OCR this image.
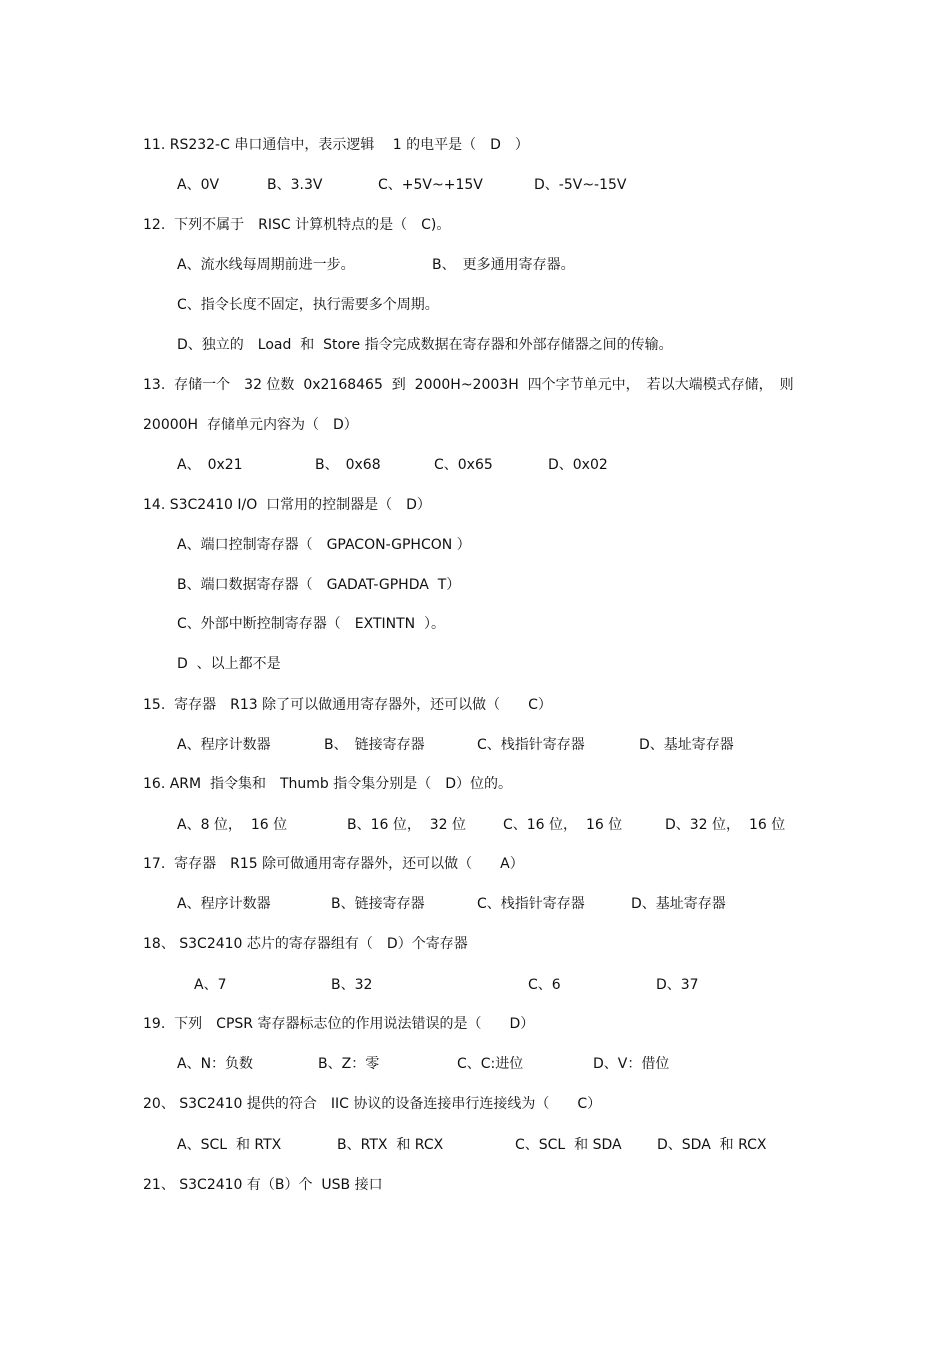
11. RS232-C 串口通信中，表示逻辑　 1 的电平是（　D　）
A、0V	B、3.3V	C、+5V~+15V	D、-5V~-15V
12.  下列不属于　RISC 计算机特点的是（　C)。
A、流水线每周期前进一步。	B、　更多通用寄存器。
C、指令长度不固定，执行需要多个周期。
D、独立的　Load  和  Store 指令完成数据在寄存器和外部存储器之间的传输。
13.  存储一个　32 位数  0x2168465  到  2000H~2003H  四个字节单元中，　若以大端模式存储，　则
20000H  存储单元内容为（　D）
A、　0x21	B、　0x68	C、0x65	D、0x02
14. S3C2410 I/O  口常用的控制器是（　D）
A、端口控制寄存器（　GPACON-GPHCON ）
B、端口数据寄存器（　GADAT-GPHDA  T）
C、外部中断控制寄存器（　EXTINTN  ）。
D  、以上都不是
15.  寄存器　R13 除了可以做通用寄存器外，还可以做（　　C）
A、程序计数器	B、　链接寄存器	C、栈指针寄存器	D、基址寄存器
16. ARM  指令集和　Thumb 指令集分别是（　D）位的。
A、8 位，  16 位	B、16 位，  32 位	C、16 位，  16 位	D、32 位，  16 位
17.  寄存器　R15 除可做通用寄存器外，还可以做（　　A）
A、程序计数器	B、链接寄存器	C、栈指针寄存器	D、基址寄存器
18、 S3C2410 芯片的寄存器组有（　D）个寄存器
A、7	B、32	C、6	D、37
19.  下列　CPSR 寄存器标志位的作用说法错误的是（　　D）
A、N：负数	B、Z：零	C、C:进位	D、V：借位
20、 S3C2410 提供的符合　IIC 协议的设备连接串行连接线为（　　C）
A、SCL  和 RTX	B、RTX  和 RCX	C、SCL  和 SDA	D、SDA  和 RCX
21、 S3C2410 有（B）个  USB 接口
